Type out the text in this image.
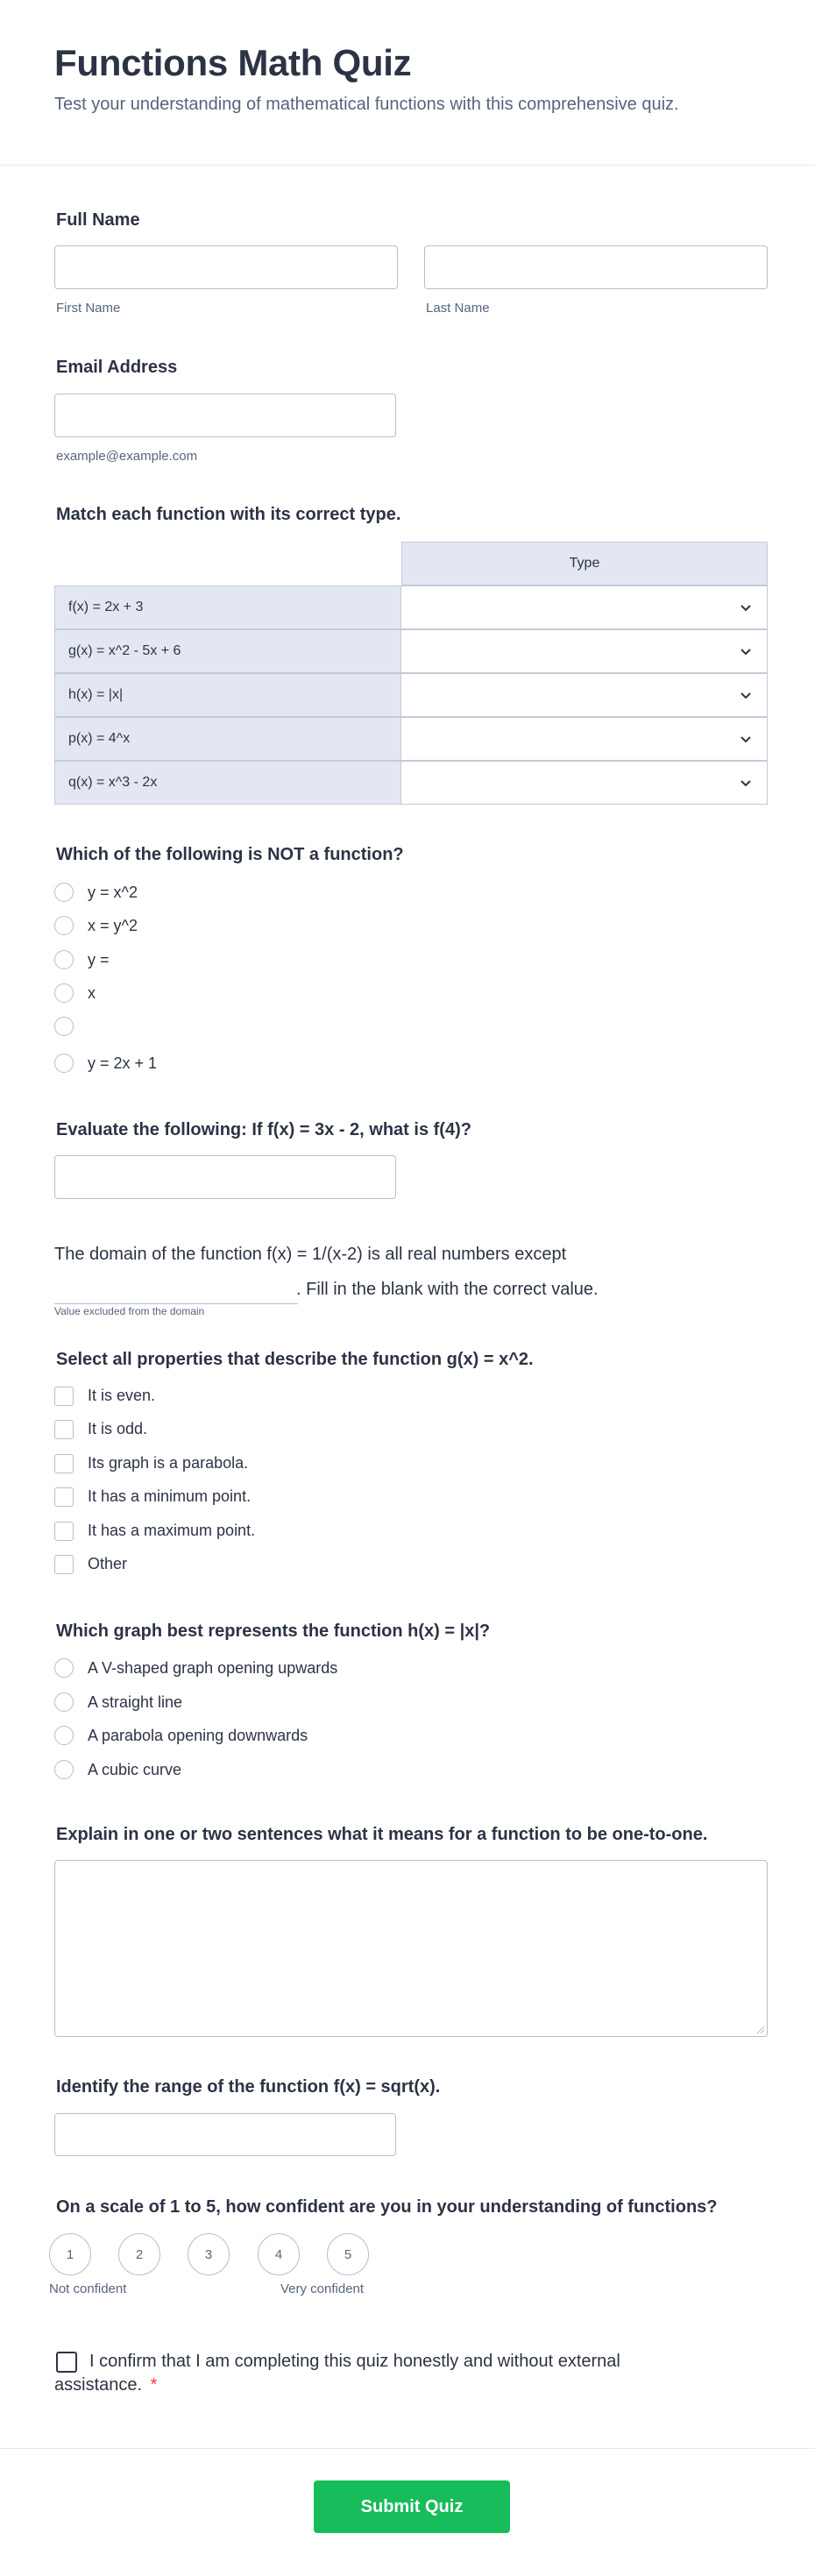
Functions Math Quiz
Test your understanding of mathematical functions with this comprehensive quiz.
Full Name
First Name	Last Name
Email Address
example@example.com
Match each function with its correct type.
Type
f(x) = 2x + 3
g(x) = x^2 - 5x + 6
h(x) = |x|
p(x) = 4^x
q(x) = x^3 - 2x
Which of the following is NOT a function?
y = x^2
x = y^2
y =
x
y = 2x + 1
Evaluate the following: If f(x) = 3x - 2, what is f(4)?
The domain of the function f(x) = 1/(x-2) is all real numbers except
. Fill in the blank with the correct value.
Value excluded from the domain
Select all properties that describe the function g(x) = x^2.
It is even.
It is odd.
Its graph is a parabola.
It has a minimum point.
It has a maximum point.
Other
Which graph best represents the function h(x) = |x|?
A V-shaped graph opening upwards
A straight line
A parabola opening downwards
A cubic curve
Explain in one or two sentences what it means for a function to be one-to-one.
Identify the range of the function f(x) = sqrt(x).
On a scale of 1 to 5, how confident are you in your understanding of functions?
1	2	3	4	5
Not confident	Very confident
I confirm that I am completing this quiz honestly and without external
assistance. *
Submit Quiz
